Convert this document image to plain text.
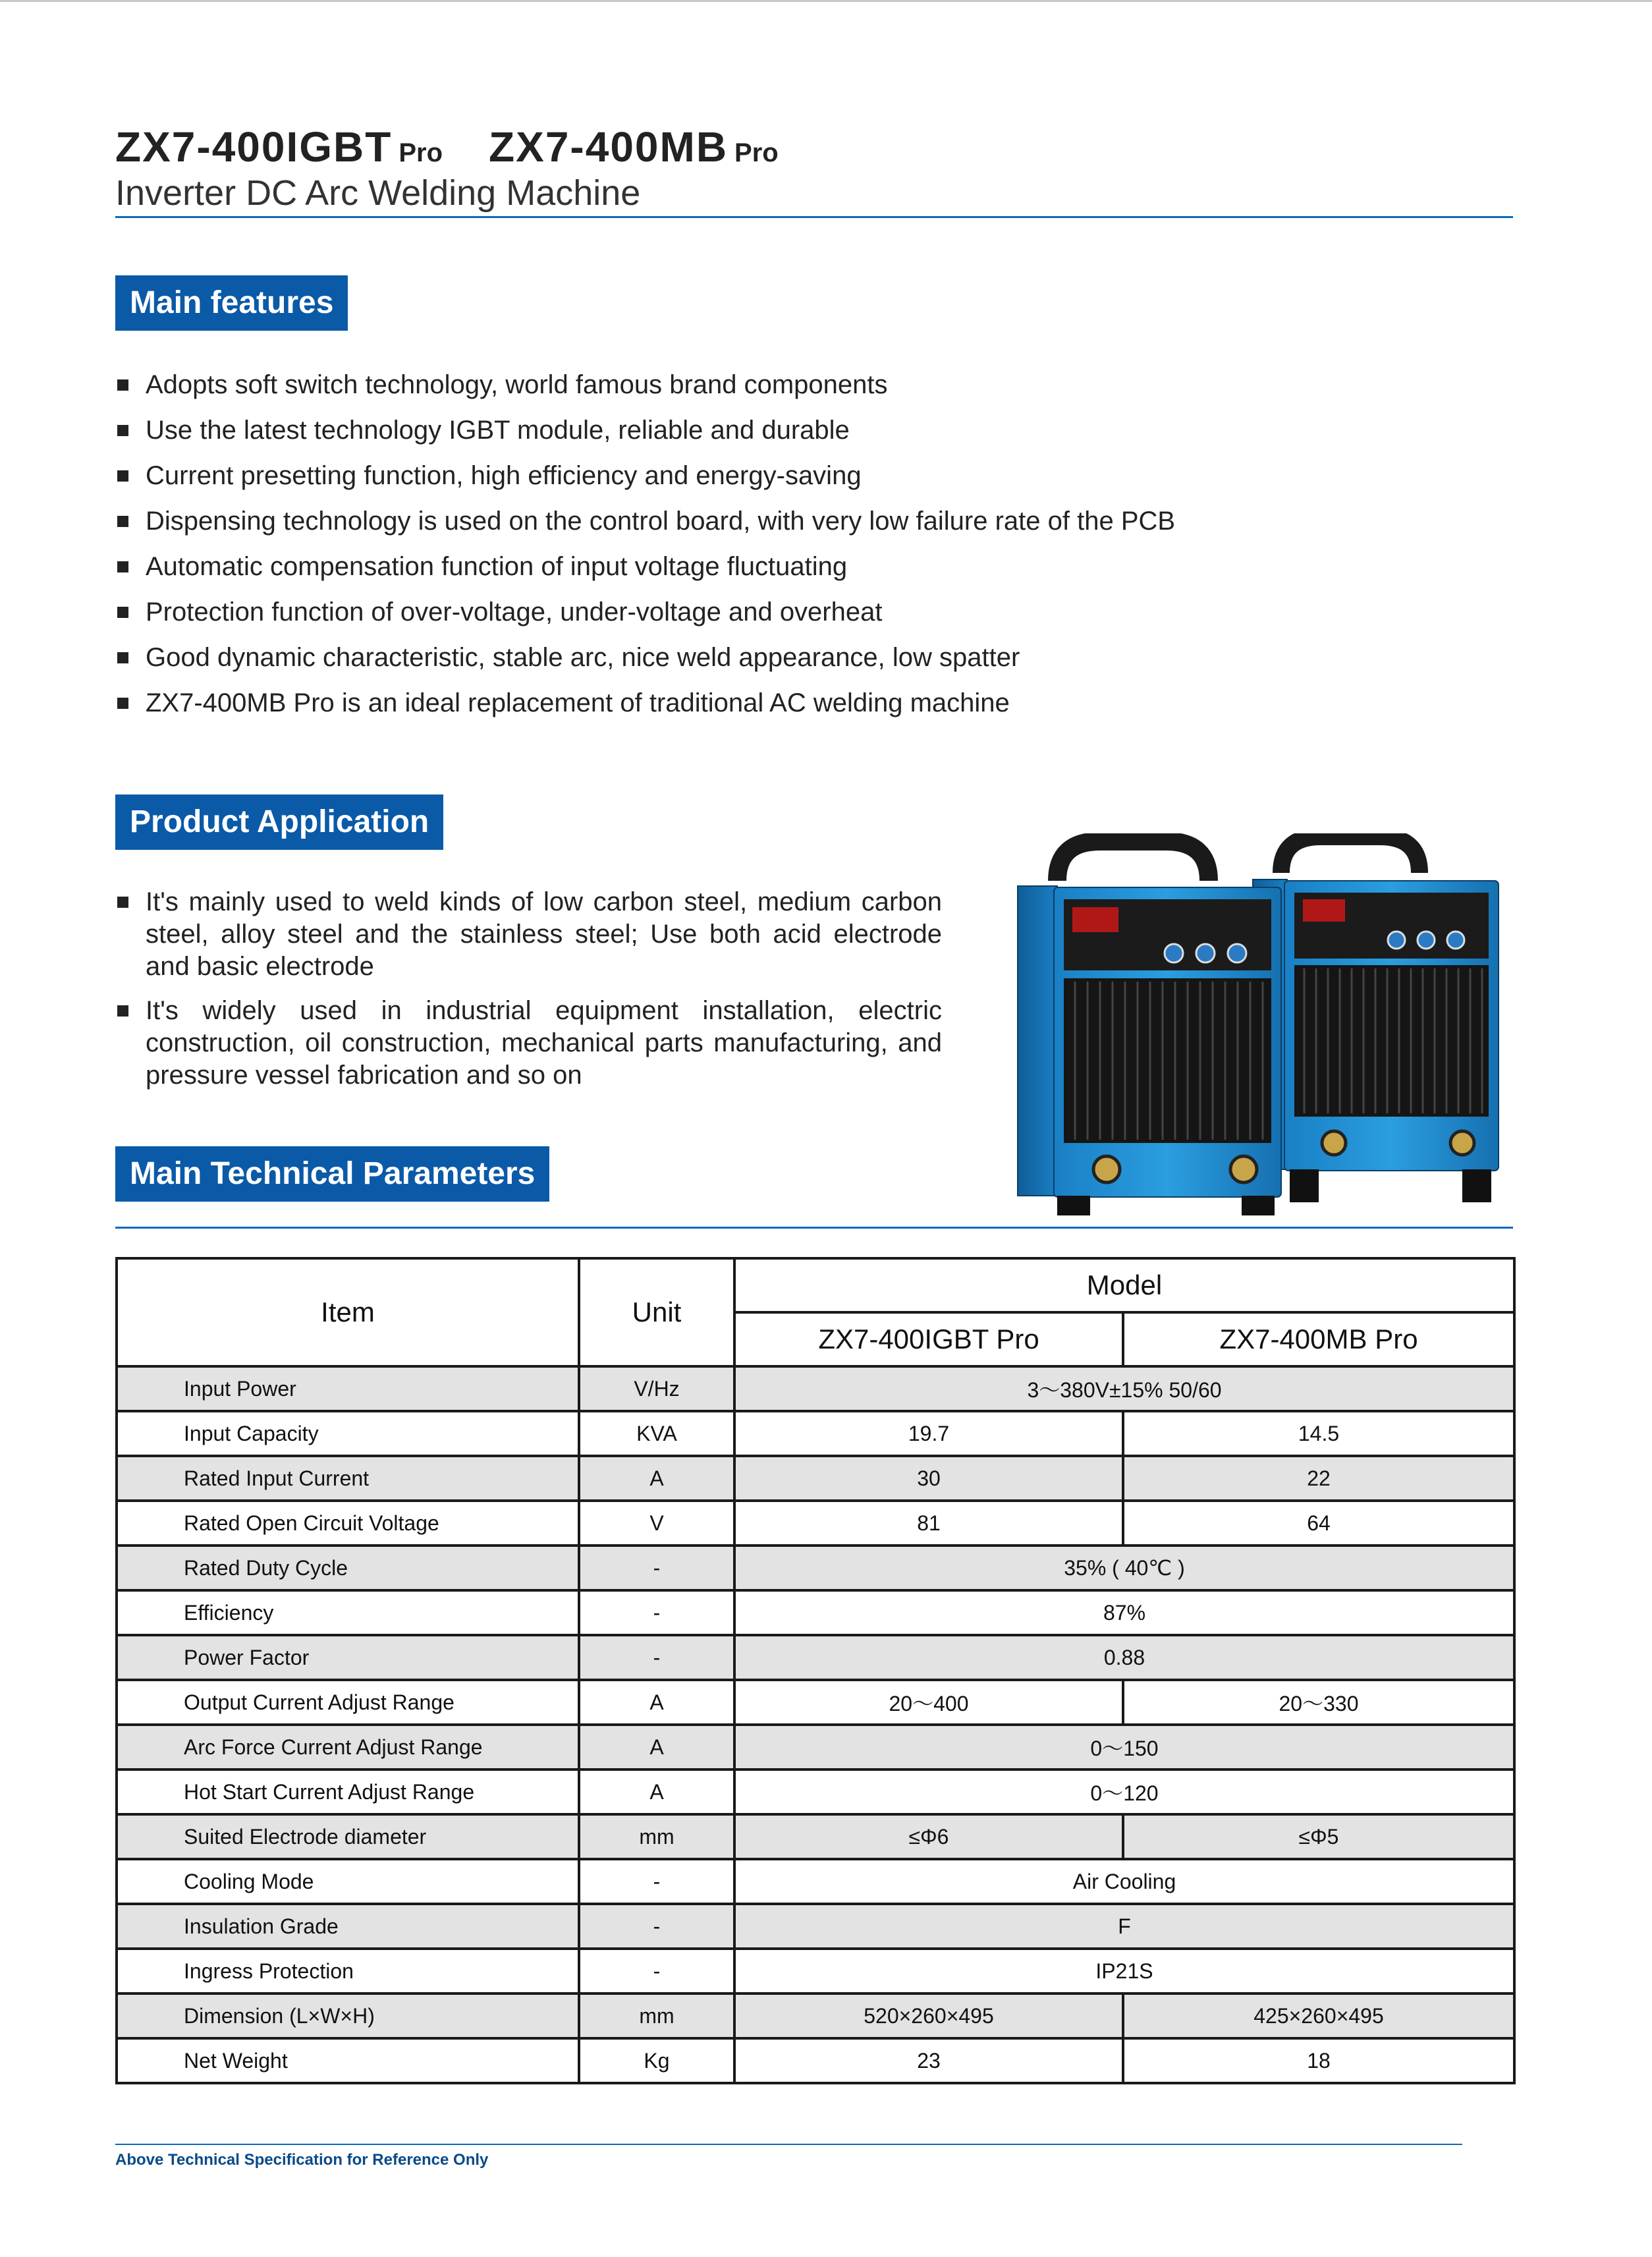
ZX7-400IGBT Pro ZX7-400MB Pro
Inverter DC Arc Welding Machine
Main features
Adopts soft switch technology, world famous brand components
Use the latest technology IGBT module, reliable and durable
Current presetting function, high efficiency and energy-saving
Dispensing technology is used on the control board, with very low failure rate of the PCB
Automatic compensation function of input voltage fluctuating
Protection function of over-voltage, under-voltage and overheat
Good dynamic characteristic, stable arc, nice weld appearance, low spatter
ZX7-400MB Pro is an ideal replacement of traditional AC welding machine
Product Application
It's mainly used to weld kinds of low carbon steel, medium carbon steel, alloy steel and the stainless steel; Use both acid electrode and basic electrode
It's widely used in industrial equipment installation, electric construction, oil construction, mechanical parts manufacturing, and pressure vessel fabrication and so on
Main Technical Parameters
Item	Unit	Model	
		ZX7-400IGBT Pro	ZX7-400MB Pro
Input Power	V/Hz	3～380V±15% 50/60	
Input Capacity	KVA	19.7	14.5
Rated Input Current	A	30	22
Rated Open Circuit Voltage	V	81	64
Rated Duty Cycle	-	35% ( 40℃ )	
Efficiency	-	87%	
Power Factor	-	0.88	
Output Current Adjust Range	A	20～400	20～330
Arc Force Current Adjust Range	A	0～150	
Hot Start Current Adjust Range	A	0～120	
Suited Electrode diameter	mm	≤Φ6	≤Φ5
Cooling Mode	-	Air Cooling	
Insulation Grade	-	F	
Ingress Protection	-	IP21S	
Dimension (L×W×H)	mm	520×260×495	425×260×495
Net Weight	Kg	23	18
Above Technical Specification for Reference Only
